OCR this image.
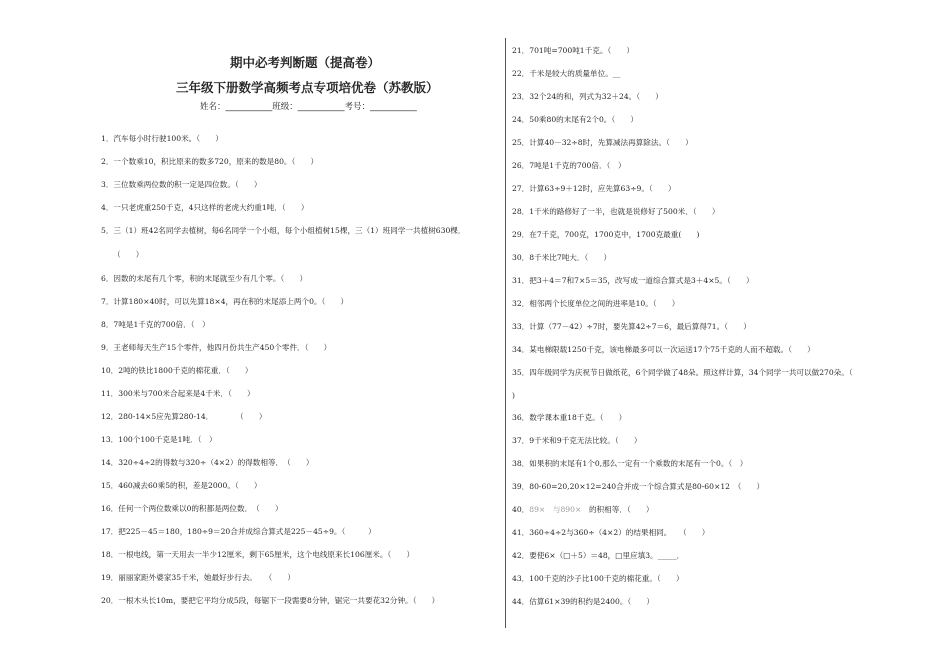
期中必考判断题（提高卷）
三年级下册数学高频考点专项培优卷（苏教版）
姓名：___________班级：___________考号：___________
1．汽车每小时行驶100米。（　　）
2．一个数乘10，积比原来的数多720，原来的数是80。（　　）
3．三位数乘两位数的积一定是四位数。（　　）
4．一只老虎重250千克，4只这样的老虎大约重1吨．（　　）
5．三（1）班42名同学去植树，每6名同学一个小组，每个小组植树15棵，三（1）班同学一共植树630棵．
（　　）
6．因数的末尾有几个零，积的末尾就至少有几个零。（　　）
7．计算180×40时，可以先算18×4，再在积的末尾添上两个0。（　　）
8．7吨是1千克的700倍．（　）
9．王老师每天生产15个零件，他四月份共生产450个零件．（　　）
10．2吨的铁比1800千克的棉花重．（　　）
11．300米与700米合起来是4千米．（　　）
12．280-14×5应先算280-14．　　　　（　　）
13．100个100千克是1吨．（　）
14．320÷4÷2的得数与320÷（4×2）的得数相等．　（　　）
15．460减去60乘5的积，差是2000。（　　）
16．任何一个两位数乘以0的积都是两位数．　（　　）
17．把225－45＝180，180÷9＝20合并成综合算式是225－45÷9。（　　　）
18．一根电线，第一天用去一半少12厘米，剩下65厘米，这个电线原来长106厘米。（　　）
19．丽丽家距外婆家35千米，她最好步行去。　　（　　）
20．一根木头长10m，要把它平均分成5段，每锯下一段需要8分钟，锯完一共要花32分钟。（　　）
21．701吨=700吨1千克。（　　）
22．千米是较大的质量单位。__
23．32个24的和，列式为32＋24。（　　）
24．50乘80的末尾有2个0。（　　）
25．计算40－32÷8时，先算减法再算除法。（　　）
26．7吨是1千克的700倍．（　）
27．计算63÷9＋12时，应先算63÷9。（　　）
28．1千米的路修好了一半，也就是说修好了500米．（　　）
29．在7千克，700克，1700克中，1700克最重(　　)
30．8千米比7吨大．（　　）
31．把3＋4＝7和7×5＝35，改写成一道综合算式是3＋4×5。（　　）
32．相邻两个长度单位之间的进率是10。（　　）
33．计算（77－42）÷7时，要先算42÷7＝6，最后算得71。（　　）
34．某电梯限载1250千克，该电梯最多可以一次运送17个75千克的人而不超载。（　　）
35．四年级同学为庆祝节日做纸花，6个同学做了48朵。照这样计算，34个同学一共可以做270朵。（
)
36．数学课本重18千克。（　　）
37．9千米和9千克无法比较。（　　）
38．如果积的末尾有1个0,那么一定有一个乘数的末尾有一个0。（　）
39．80-60=20,20×12=240合并成一个综合算式是80-60×12　（　　）
40．89×　与890×　的积相等．（　　）
41．360÷4÷2与360÷（4×2）的结果相同。　　（　　）
42．要使6×（□＋5）＝48，□里应填3。_____．
43．100千克的沙子比100千克的棉花重。（　　）
44．估算61×39的积约是2400。（　　）
